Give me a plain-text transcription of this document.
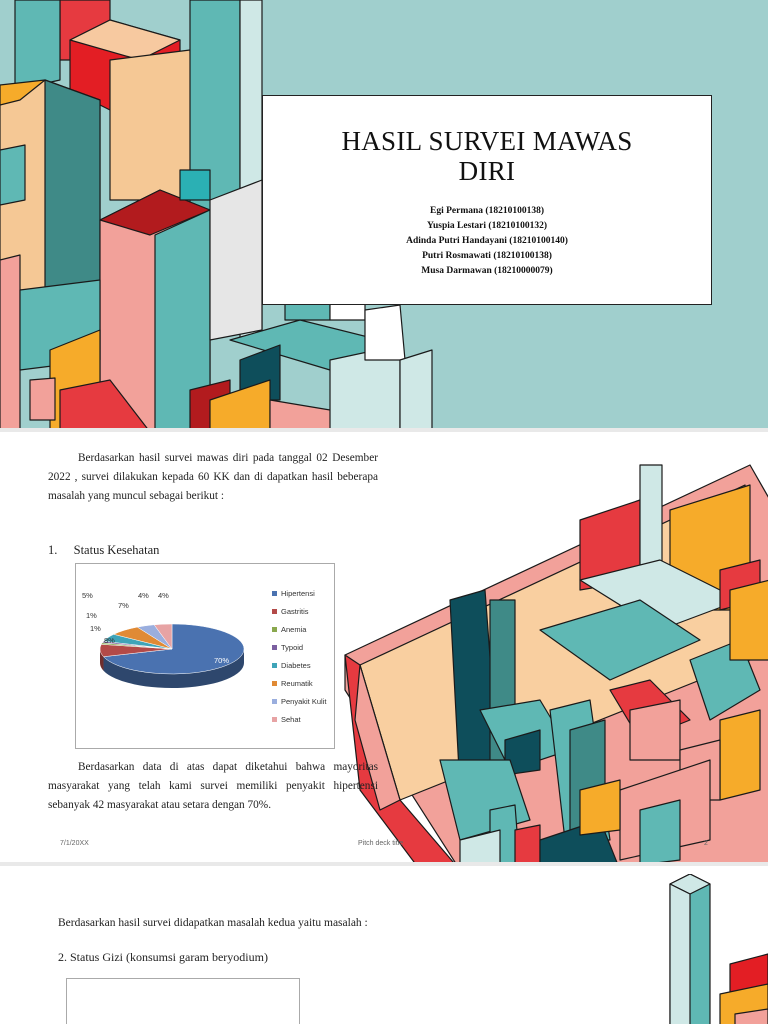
HASIL SURVEI MAWAS
DIRI
Egi Permana (18210100138)
Yuspia Lestari (18210100132)
Adinda Putri Handayani (18210100140)
Putri Rosmawati (18210100138)
Musa Darmawan (18210000079)
Berdasarkan hasil survei mawas diri pada tanggal 02 Desember 2022 , survei dilakukan kepada 60 KK dan di dapatkan hasil beberapa masalah yang muncul sebagai berikut :
1. Status Kesehatan
70%
8%
1%
1%
5%
7%
4% 4%	Hipertensi
Gastritis
Anemia
Typoid
Diabetes
Reumatik
Penyakit Kulit
Sehat
Berdasarkan data di atas dapat diketahui bahwa mayoritas masyarakat yang telah kami survei memiliki penyakit hipertensi sebanyak 42 masyarakat atau setara dengan 70%.
7/1/20XX	Pitch deck title	2
Berdasarkan hasil survei didapatkan masalah kedua yaitu masalah :
2. Status Gizi (konsumsi garam beryodium)
